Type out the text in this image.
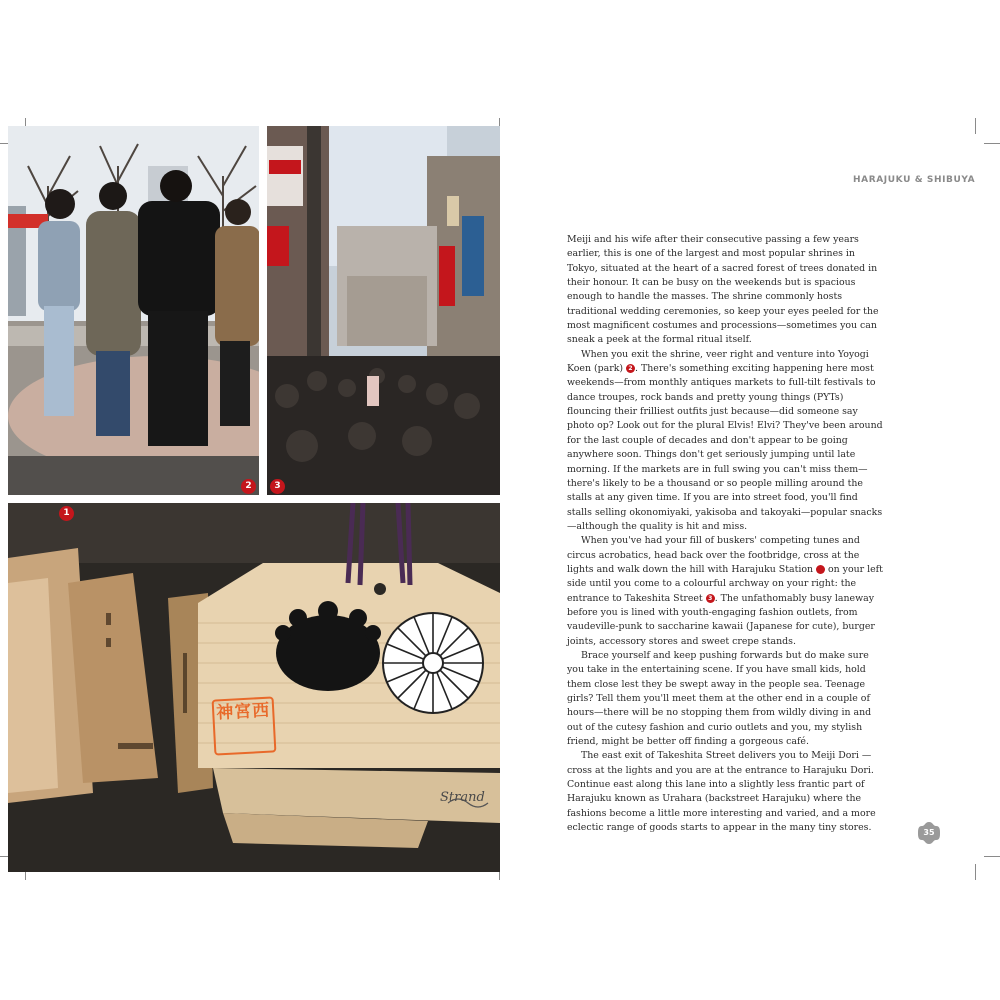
2	3
神宮西
Strand
1
HARAJUKU & SHIBUYA

Meiji and his wife after their consecutive passing a few years earlier, this is one of the largest and most popular shrines in Tokyo, situated at the heart of a sacred forest of trees donated in their honour. It can be busy on the weekends but is spacious enough to handle the masses. The shrine commonly hosts traditional wedding ceremonies, so keep your eyes peeled for the most magnificent costumes and processions—sometimes you can sneak a peek at the formal ritual itself.

When you exit the shrine, veer right and venture into Yoyogi Koen (park) 2 . There's something exciting happening here most weekends—from monthly antiques markets to full-tilt festivals to dance troupes, rock bands and pretty young things (PYTs) flouncing their frilliest outfits just because—did someone say photo op? Look out for the plural Elvis! Elvi? They've been around for the last couple of decades and don't appear to be going anywhere soon. Things don't get seriously jumping until late morning. If the markets are in full swing you can't miss them—there's likely to be a thousand or so people milling around the stalls at any given time. If you are into street food, you'll find stalls selling okonomiyaki, yakisoba and takoyaki—popular snacks—although the quality is hit and miss.

When you've had your fill of buskers' competing tunes and circus acrobatics, head back over the footbridge, cross at the lights and walk down the hill with Harajuku Station  on your left side until you come to a colourful archway on your right: the entrance to Takeshita Street 3 . The unfathomably busy laneway before you is lined with youth-engaging fashion outlets, from vaudeville-punk to saccharine kawaii (Japanese for cute), burger joints, accessory stores and sweet crepe stands.

Brace yourself and keep pushing forwards but do make sure you take in the entertaining scene. If you have small kids, hold them close lest they be swept away in the people sea. Teenage girls? Tell them you'll meet them at the other end in a couple of hours—there will be no stopping them from wildly diving in and out of the cutesy fashion and curio outlets and you, my stylish friend, might be better off finding a gorgeous café.

The east exit of Takeshita Street delivers you to Meiji Dori —cross at the lights and you are at the entrance to Harajuku Dori. Continue east along this lane into a slightly less frantic part of Harajuku known as Urahara (backstreet Harajuku) where the fashions become a little more interesting and varied, and a more eclectic range of goods starts to appear in the many tiny stores.	35
